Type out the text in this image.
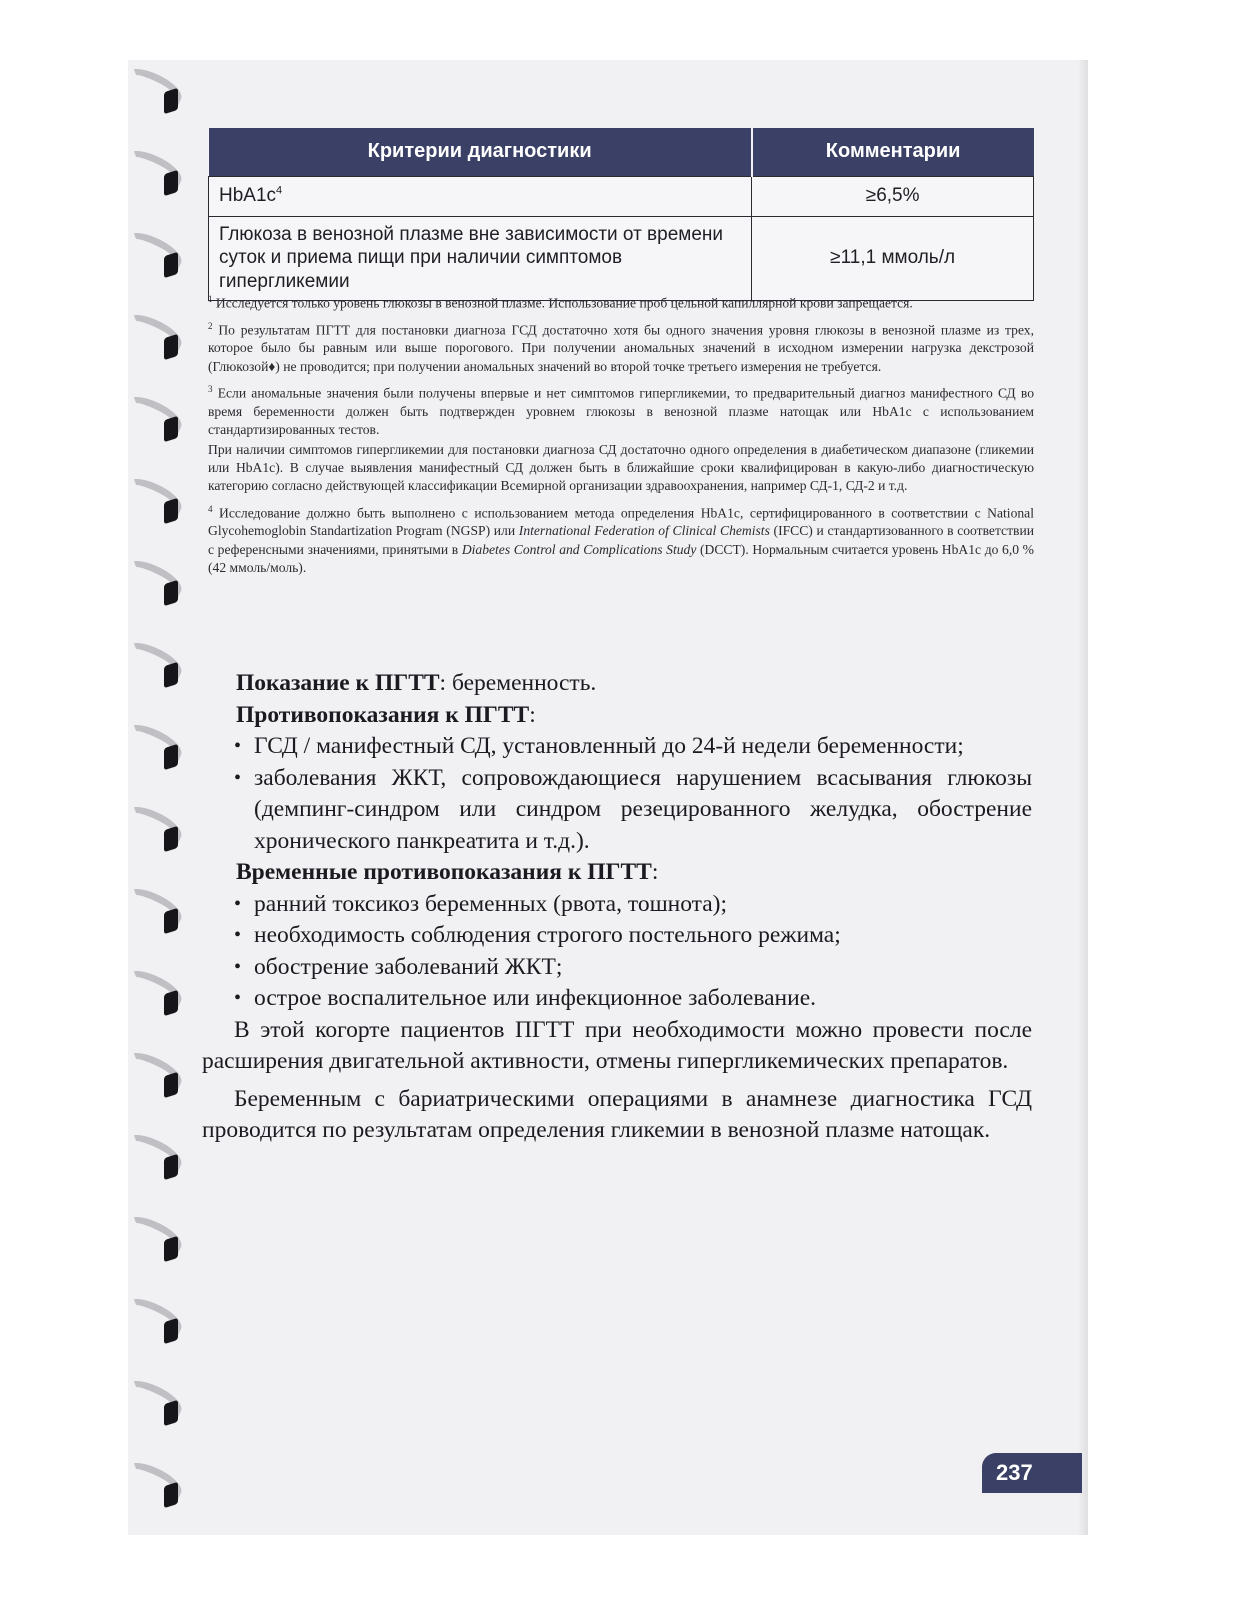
Критерии диагностики	Комментарии
$HbA1c^4$	≥6,5%
Глюкоза в венозной плазме вне зависимости от времени суток и приема пищи при наличии симптомов гипергликемии	≥11,1 ммоль/л

$^1$ Исследуется только уровень глюкозы в венозной плазме. Использование проб цельной капиллярной крови запрещается.

$^2$ По результатам ПГТТ для постановки диагноза ГСД достаточно хотя бы одного значения уровня глюкозы в венозной плазме из трех, которое было бы равным или выше порогового. При получении аномальных значений в исходном измерении нагрузка декстрозой (Глюкозой♦) не проводится; при получении аномальных значений во второй точке третьего измерения не требуется.

$^3$ Если аномальные значения были получены впервые и нет симптомов гипергликемии, то предварительный диагноз манифестного СД во время беременности должен быть подтвержден уровнем глюкозы в венозной плазме натощак или HbA1c с использованием стандартизированных тестов.

При наличии симптомов гипергликемии для постановки диагноза СД достаточно одного определения в диабетическом диапазоне (гликемии или HbA1c). В случае выявления манифестный СД должен быть в ближайшие сроки квалифицирован в какую-либо диагностическую категорию согласно действующей классификации Всемирной организации здравоохранения, например СД-1, СД-2 и т.д.

$^4$ Исследование должно быть выполнено с использованием метода определения HbA1c, сертифицированного в соответствии с National Glycohemoglobin Standartization Program (NGSP) или International Federation of Clinical Chemists (IFCC) и стандартизованного в соответствии с референсными значениями, принятыми в Diabetes Control and Complications Study (DCCT). Нормальным считается уровень HbA1c до 6,0 % (42 ммоль/моль).

Показание к ПГТТ: беременность.
Противопоказания к ПГТТ:
• ГСД / манифестный СД, установленный до 24-й недели беременности;
• заболевания ЖКТ, сопровождающиеся нарушением всасывания глюкозы (демпинг-синдром или синдром резецированного желудка, обострение хронического панкреатита и т.д.).
Временные противопоказания к ПГТТ:
• ранний токсикоз беременных (рвота, тошнота);
• необходимость соблюдения строгого постельного режима;
• обострение заболеваний ЖКТ;
• острое воспалительное или инфекционное заболевание.

В этой когорте пациентов ПГТТ при необходимости можно провести после расширения двигательной активности, отмены гипергликемических препаратов.

Беременным с бариатрическими операциями в анамнезе диагностика ГСД проводится по результатам определения гликемии в венозной плазме натощак.

237
